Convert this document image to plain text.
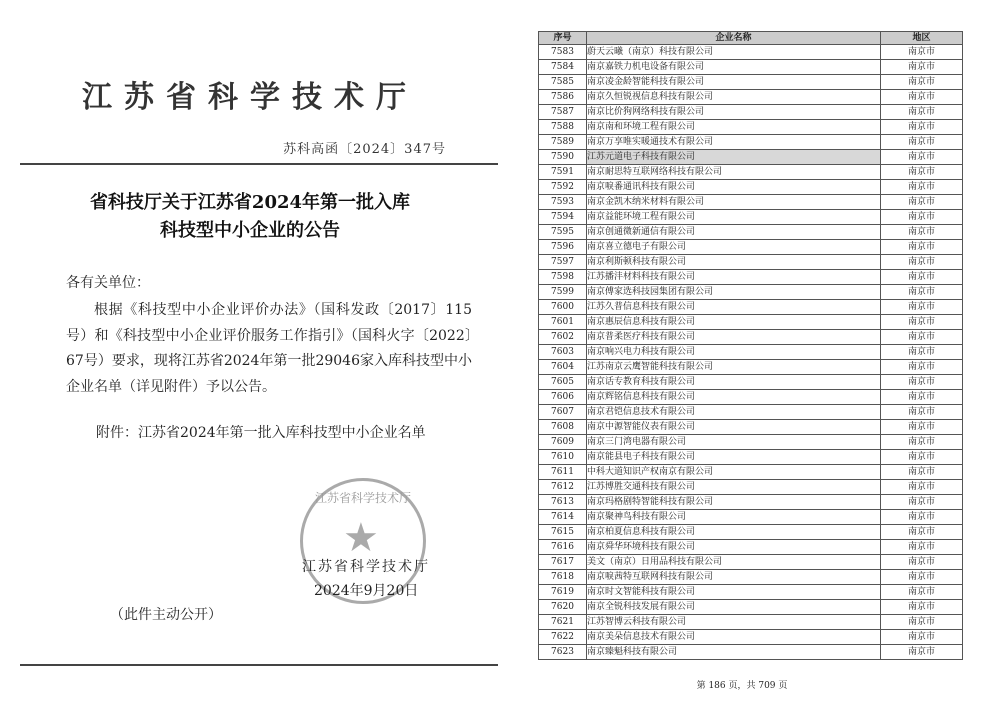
江苏省科学技术厅
苏科高函〔2024〕347号
省科技厅关于江苏省2024年第一批入库
科技型中小企业的公告
各有关单位：

根据《科技型中小企业评价办法》（国科发政〔2017〕115号）和《科技型中小企业评价服务工作指引》（国科火字〔2022〕67号）要求，现将江苏省2024年第一批29046家入库科技型中小企业名单（详见附件）予以公告。

附件：江苏省2024年第一批入库科技型中小企业名单
江苏省科学技术厅
★
江苏省科学技术厅
2024年9月20日
（此件主动公开）
序号	企业名称	地区
7583	蔚天云曦（南京）科技有限公司	南京市
7584	南京嘉铁力机电设备有限公司	南京市
7585	南京凌金龄智能科技有限公司	南京市
7586	南京久恒锐视信息科技有限公司	南京市
7587	南京比价狗网络科技有限公司	南京市
7588	南京南和环境工程有限公司	南京市
7589	南京万享唯实暖通技术有限公司	南京市
7590	江苏元道电子科技有限公司	南京市
7591	南京耐思特互联网络科技有限公司	南京市
7592	南京唳番通讯科技有限公司	南京市
7593	南京金凯木纳米材料有限公司	南京市
7594	南京益能环境工程有限公司	南京市
7595	南京创通微新通信有限公司	南京市
7596	南京喜立德电子有限公司	南京市
7597	南京利斯顿科技有限公司	南京市
7598	江苏播沣材料科技有限公司	南京市
7599	南京傅家选科技园集团有限公司	南京市
7600	江苏久普信息科技有限公司	南京市
7601	南京惠辰信息科技有限公司	南京市
7602	南京普柔医疗科技有限公司	南京市
7603	南京响兴电力科技有限公司	南京市
7604	江苏南京云鹰智能科技有限公司	南京市
7605	南京话专教育科技有限公司	南京市
7606	南京辉铭信息科技有限公司	南京市
7607	南京君铠信息技术有限公司	南京市
7608	南京中源智能仪表有限公司	南京市
7609	南京三门湾电器有限公司	南京市
7610	南京能县电子科技有限公司	南京市
7611	中科大道知识产权南京有限公司	南京市
7612	江苏博胜交通科技有限公司	南京市
7613	南京玛格剧特智能科技有限公司	南京市
7614	南京聚神鸟科技有限公司	南京市
7615	南京柏夏信息科技有限公司	南京市
7616	南京舜华环境科技有限公司	南京市
7617	美文（南京）日用品科技有限公司	南京市
7618	南京唳茜特互联网科技有限公司	南京市
7619	南京时文智能科技有限公司	南京市
7620	南京全锐科技发展有限公司	南京市
7621	江苏智博云科技有限公司	南京市
7622	南京美朵信息技术有限公司	南京市
7623	南京臻魁科技有限公司	南京市
第 186 页，共 709 页
